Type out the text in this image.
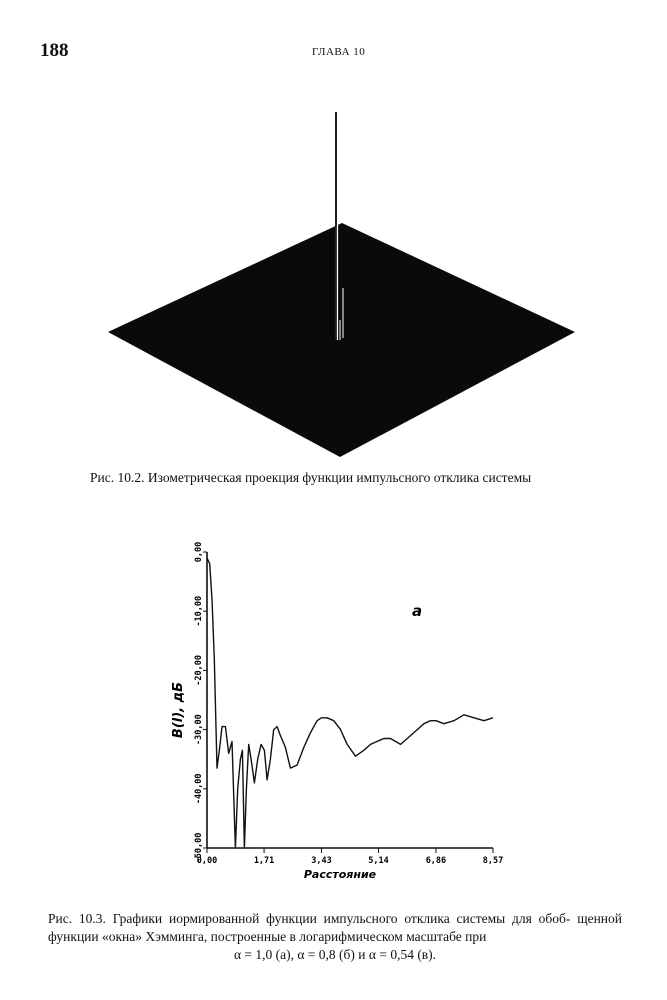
188	ГЛАВА 10
Рис. 10.2. Изометрическая проекция функции импульсного отклика системы
0,00	1,71	3,43	5,14	6,86	8,57
0,00
-10,00
-20,00
-30,00
-40,00
-50,00
Расстояние
B(l), дБ
a
Рис. 10.3. Графики иормированной функции импульсного отклика системы для обоб- щенной функции «окна» Хэмминга, построенные в логарифмическом масштабе при
α = 1,0 (а), α = 0,8 (б) и α = 0,54 (в).
